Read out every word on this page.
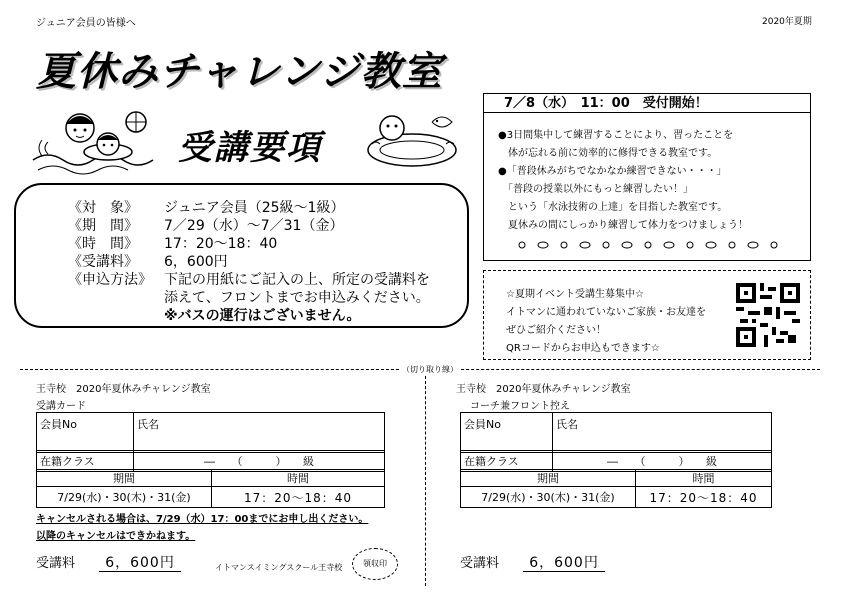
ジュニア会員の皆様へ	2020年夏期
夏休みチャレンジ教室
受講要項
《対　象》 ジュニア会員（25級～1級）
《期　間》 7／29（水）～7／31（金）
《時　間》 17：20～18：40
《受講料》 6，600円
《申込方法》 下記の用紙にご記入の上、所定の受講料を
添えて、フロントまでお申込みください。
※バスの運行はございません。
7／8（水）　11：00　受付開始！
●3日間集中して練習することにより、習ったことを
　体が忘れる前に効率的に修得できる教室です。
●「普段休みがちでなかなか練習できない・・・」
　「普段の授業以外にもっと練習したい！」
　という「水泳技術の上達」を目指した教室です。
　夏休みの間にしっかり練習して体力をつけましょう！
☆夏期イベント受講生募集中☆
イトマンに通われていないご家族・お友達を
ぜひご紹介ください！
QRコードからお申込もできます☆
（切り取り線）
王寺校　2020年夏休みチャレンジ教室
受講カード
会員No	氏名
在籍クラス	―　　（　　　）　　級
期間	時間
7/29(水)・30(木)・31(金)	17：20～18：40
キャンセルされる場合は、7/29（水）17：00までにお申し出ください。
以降のキャンセルはできかねます。
受講料 6，600円	イトマンスイミングスクール王寺校	領収印
王寺校　2020年夏休みチャレンジ教室
コーチ兼フロント控え
会員No	氏名
在籍クラス	―　　（　　　）　　級
期間	時間
7/29(水)・30(木)・31(金)	17：20～18：40
受講料 6，600円
